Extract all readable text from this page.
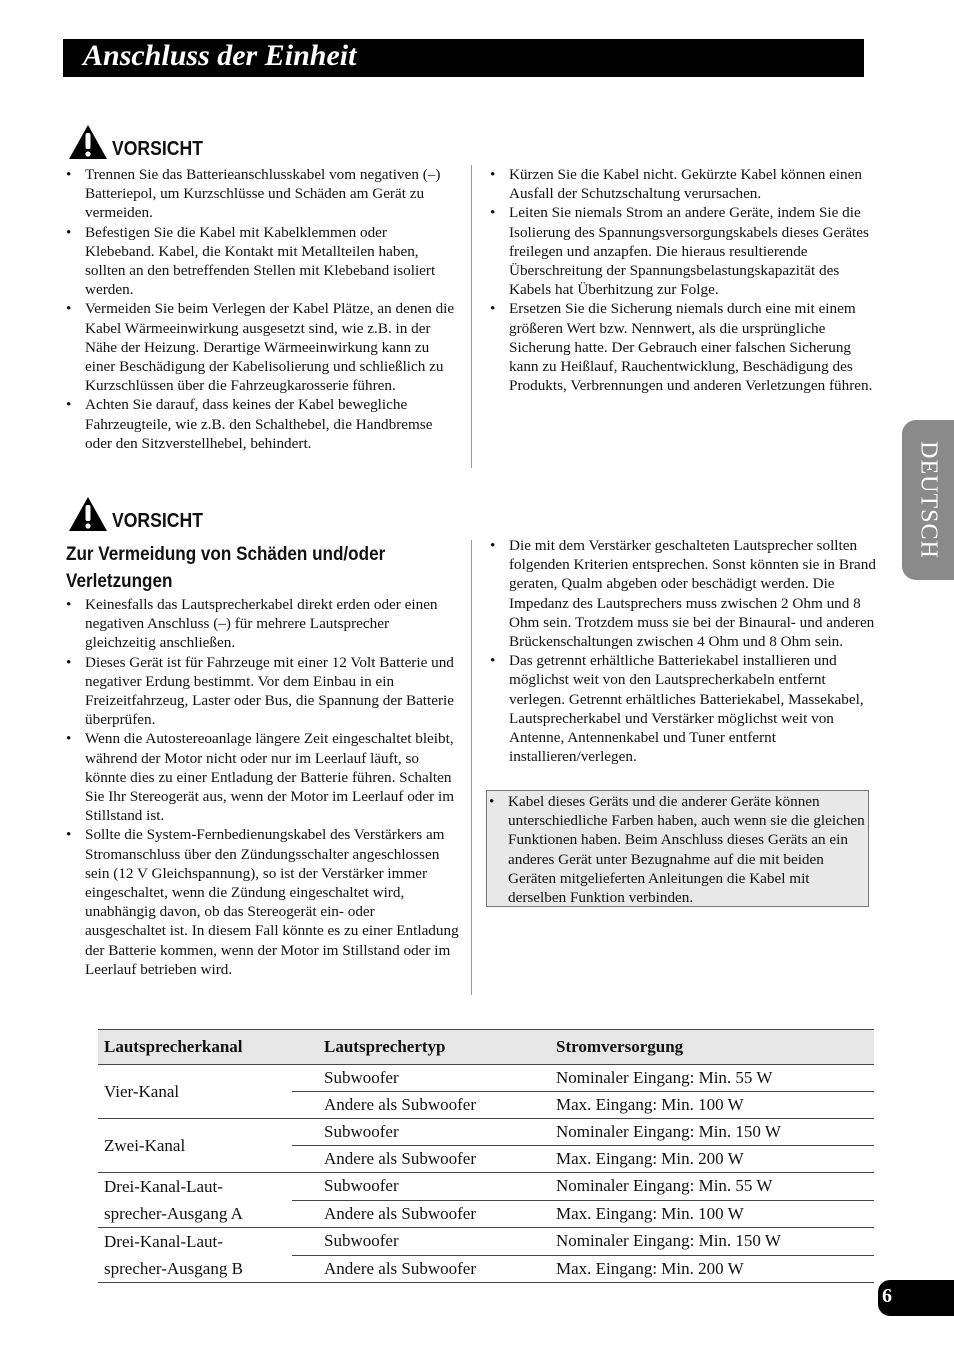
Anschluss der Einheit
DEUTSCH
VORSICHT
• Trennen Sie das Batterieanschlusskabel vom negativen (–) Batteriepol, um Kurzschlüsse und Schäden am Gerät zu vermeiden.
• Befestigen Sie die Kabel mit Kabelklemmen oder Klebeband. Kabel, die Kontakt mit Metallteilen haben, sollten an den betreffenden Stellen mit Klebeband isoliert werden.
• Vermeiden Sie beim Verlegen der Kabel Plätze, an denen die Kabel Wärmeeinwirkung ausgesetzt sind, wie z.B. in der Nähe der Heizung. Derartige Wärmeeinwirkung kann zu einer Beschädigung der Kabelisolierung und schließlich zu Kurzschlüssen über die Fahrzeugkarosserie führen.
• Achten Sie darauf, dass keines der Kabel bewegliche Fahrzeugteile, wie z.B. den Schalthebel, die Handbremse oder den Sitzverstellhebel, behindert.
• Kürzen Sie die Kabel nicht. Gekürzte Kabel können einen Ausfall der Schutzschaltung verursachen.
• Leiten Sie niemals Strom an andere Geräte, indem Sie die Isolierung des Spannungsversorgungskabels dieses Gerätes freilegen und anzapfen. Die hieraus resultierende Überschreitung der Spannungsbelastungskapazität des Kabels hat Überhitzung zur Folge.
• Ersetzen Sie die Sicherung niemals durch eine mit einem größeren Wert bzw. Nennwert, als die ursprüngliche Sicherung hatte. Der Gebrauch einer falschen Sicherung kann zu Heißlauf, Rauchentwicklung, Beschädigung des Produkts, Verbrennungen und anderen Verletzungen führen.
VORSICHT
Zur Vermeidung von Schäden und/oder Verletzungen
• Keinesfalls das Lautsprecherkabel direkt erden oder einen negativen Anschluss (–) für mehrere Lautsprecher gleichzeitig anschließen.
• Dieses Gerät ist für Fahrzeuge mit einer 12 Volt Batterie und negativer Erdung bestimmt. Vor dem Einbau in ein Freizeitfahrzeug, Laster oder Bus, die Spannung der Batterie überprüfen.
• Wenn die Autostereoanlage längere Zeit eingeschaltet bleibt, während der Motor nicht oder nur im Leerlauf läuft, so könnte dies zu einer Entladung der Batterie führen. Schalten Sie Ihr Stereogerät aus, wenn der Motor im Leerlauf oder im Stillstand ist.
• Sollte die System-Fernbedienungskabel des Verstärkers am Stromanschluss über den Zündungsschalter angeschlossen sein (12 V Gleichspannung), so ist der Verstärker immer eingeschaltet, wenn die Zündung eingeschaltet wird, unabhängig davon, ob das Stereogerät ein- oder ausgeschaltet ist. In diesem Fall könnte es zu einer Entladung der Batterie kommen, wenn der Motor im Stillstand oder im Leerlauf betrieben wird.
• Die mit dem Verstärker geschalteten Lautsprecher sollten folgenden Kriterien entsprechen. Sonst könnten sie in Brand geraten, Qualm abgeben oder beschädigt werden. Die Impedanz des Lautsprechers muss zwischen 2 Ohm und 8 Ohm sein. Trotzdem muss sie bei der Binaural- und anderen Brückenschaltungen zwischen 4 Ohm und 8 Ohm sein.
• Das getrennt erhältliche Batteriekabel installieren und möglichst weit von den Lautsprecherkabeln entfernt verlegen. Getrennt erhältliches Batteriekabel, Massekabel, Lautsprecherkabel und Verstärker möglichst weit von Antenne, Antennenkabel und Tuner entfernt installieren/verlegen.
• Kabel dieses Geräts und die anderer Geräte können unterschiedliche Farben haben, auch wenn sie die gleichen Funktionen haben. Beim Anschluss dieses Geräts an ein anderes Gerät unter Bezugnahme auf die mit beiden Geräten mitgelieferten Anleitungen die Kabel mit derselben Funktion verbinden.
Lautsprecherkanal	Lautsprechertyp	Stromversorgung

Vier-Kanal	Subwoofer	Nominaler Eingang: Min. 55 W
	Andere als Subwoofer	Max. Eingang: Min. 100 W

Zwei-Kanal	Subwoofer	Nominaler Eingang: Min. 150 W
	Andere als Subwoofer	Max. Eingang: Min. 200 W

Drei-Kanal-Laut-
sprecher-Ausgang A	Subwoofer	Nominaler Eingang: Min. 55 W
	Andere als Subwoofer	Max. Eingang: Min. 100 W

Drei-Kanal-Laut-
sprecher-Ausgang B	Subwoofer	Nominaler Eingang: Min. 150 W
	Andere als Subwoofer	Max. Eingang: Min. 200 W
6
